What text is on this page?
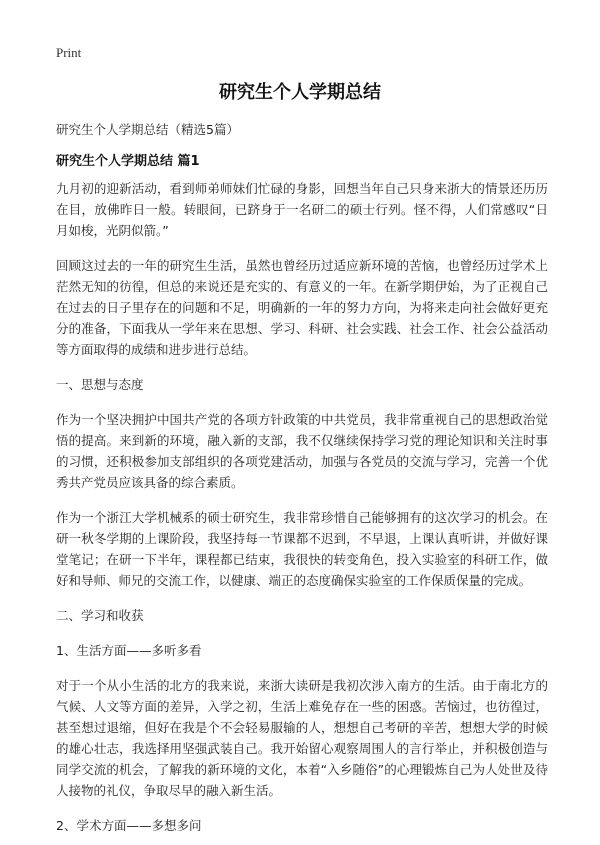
Print
研究生个人学期总结
研究生个人学期总结（精选5篇）
研究生个人学期总结 篇1

九月初的迎新活动，看到师弟师妹们忙碌的身影，回想当年自己只身来浙大的情景还历历在目，放佛昨日一般。转眼间，已跻身于一名研二的硕士行列。怪不得，人们常感叹“日月如梭，光阴似箭。”

回顾这过去的一年的研究生生活，虽然也曾经历过适应新环境的苦恼，也曾经历过学术上茫然无知的彷徨，但总的来说还是充实的、有意义的一年。在新学期伊始，为了正视自己在过去的日子里存在的问题和不足，明确新的一年的努力方向，为将来走向社会做好更充分的准备，下面我从一学年来在思想、学习、科研、社会实践、社会工作、社会公益活动等方面取得的成绩和进步进行总结。

一、思想与态度

作为一个坚决拥护中国共产党的各项方针政策的中共党员，我非常重视自己的思想政治觉悟的提高。来到新的环境，融入新的支部，我不仅继续保持学习党的理论知识和关注时事的习惯，还积极参加支部组织的各项党建活动，加强与各党员的交流与学习，完善一个优秀共产党员应该具备的综合素质。

作为一个浙江大学机械系的硕士研究生，我非常珍惜自己能够拥有的这次学习的机会。在研一秋冬学期的上课阶段，我坚持每一节课都不迟到，不早退，上课认真听讲，并做好课堂笔记；在研一下半年，课程都已结束，我很快的转变角色，投入实验室的科研工作，做好和导师、师兄的交流工作，以健康、端正的态度确保实验室的工作保质保量的完成。

二、学习和收获

1、生活方面——多听多看

对于一个从小生活的北方的我来说，来浙大读研是我初次涉入南方的生活。由于南北方的气候、人文等方面的差异，入学之初，生活上难免存在一些的困惑。苦恼过，也彷徨过，甚至想过退缩，但好在我是个不会轻易服输的人，想想自己考研的辛苦，想想大学的时候的雄心壮志，我选择用坚强武装自己。我开始留心观察周围人的言行举止，并积极创造与同学交流的机会，了解我的新环境的文化，本着“入乡随俗”的心理锻炼自己为人处世及待人接物的礼仪，争取尽早的融入新生活。

2、学术方面——多想多问
